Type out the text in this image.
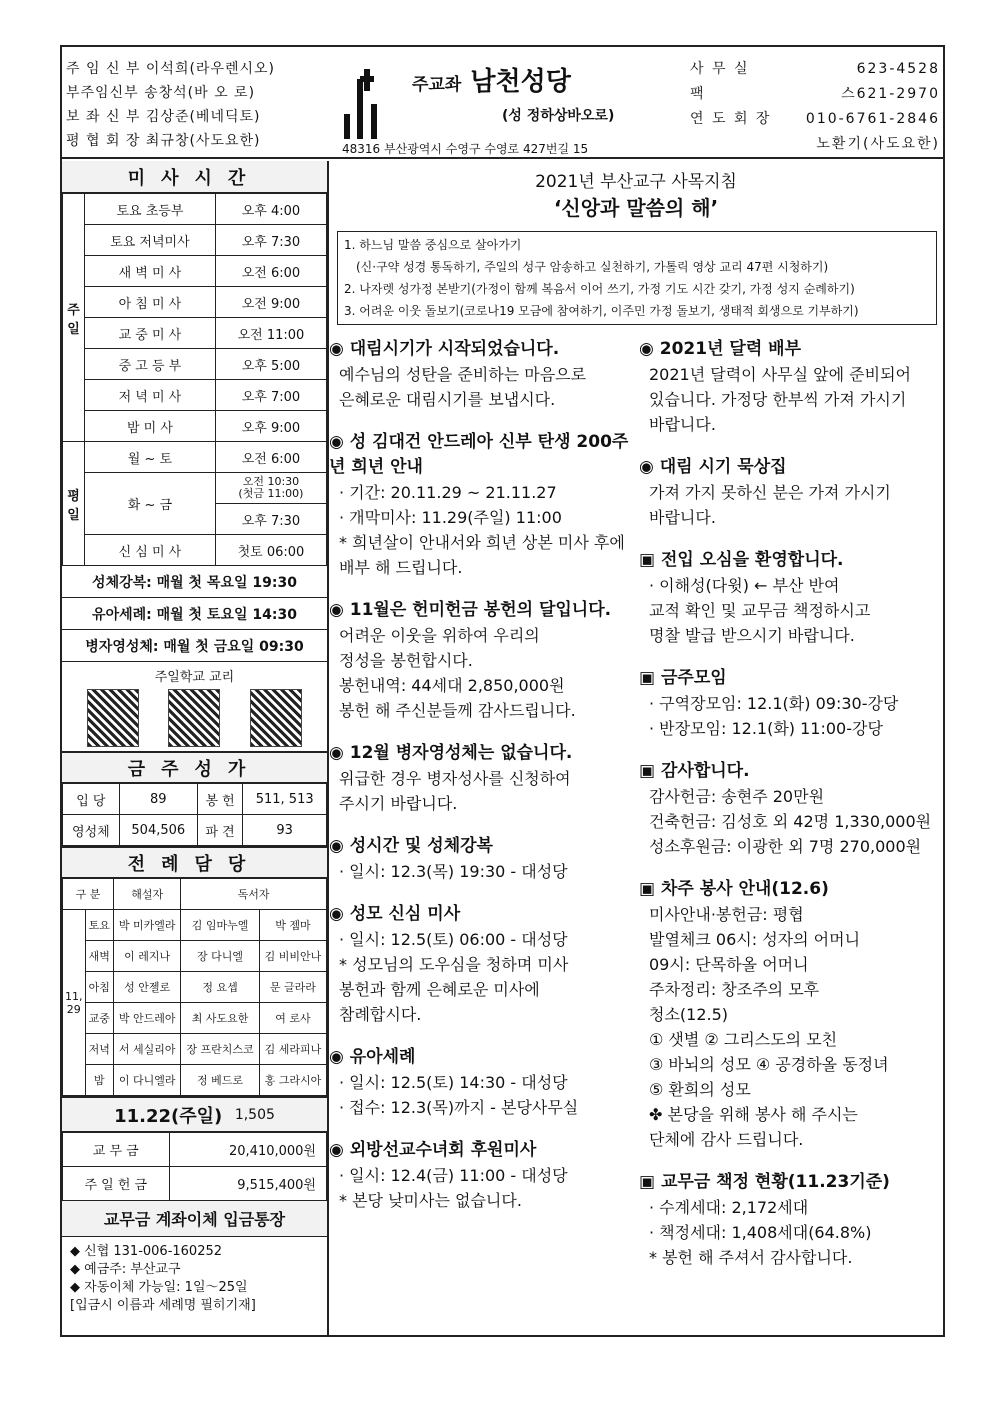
주 임 신 부 이석희(라우렌시오)
부주임신부 송창석(바 오 로)
보 좌 신 부 김상준(베네딕토)
평 협 회 장 최규창(사도요한)
주교좌 남천성당
(성 정하상바오로)
48316 부산광역시 수영구 수영로 427번길 15
사 무 실	623-4528
팩	스621-2970
연 도 회 장 010-6761-2846
노환기(사도요한)
미사시간
주일	토요 초등부	오후 4:00
	토요 저녁미사	오후 7:30
	새 벽 미 사	오전 6:00
	아 침 미 사	오전 9:00
	교 중 미 사	오전 11:00
	중 고 등 부	오후 5:00
	저 녁 미 사	오후 7:00
	밤 미 사	오후 9:00
평일	월 ~ 토	오전 6:00
	화 ~ 금	오전 10:30
(첫금 11:00)

		오후 7:30
	신 심 미 사	첫토 06:00
성체강복: 매월 첫 목요일 19:30
유아세례: 매월 첫 토요일 14:30
병자영성체: 매월 첫 금요일 09:30
주일학교 교리
금주성가
입 당	89	봉 헌	511, 513
영성체	504,506	파 견	93
전례담당
구 분		해설자	독서자	
11, 29	토요	박 미카엘라	김 임마누엘	박 젬마
	새벽	이 레지나	장 다니엘	김 비비안나
	아침	성 안젤로	정 요셉	문 글라라
	교중	박 안드레아	최 사도요한	여 로사
	저녁	서 세실리아	장 프란치스코	김 세라피나
	밤	이 다니엘라	정 베드로	홍 그라시아
11.22(주일)
1,505
교 무 금	20,410,000원
주 일 헌 금	9,515,400원
교무금 계좌이체 입금통장
◆ 신협 131-006-160252
◆ 예금주: 부산교구
◆ 자동이체 가능일: 1일～25일
[입금시 이름과 세례명 필히기재]
2021년 부산교구 사목지침
‘신앙과 말씀의 해’
1. 하느님 말씀 중심으로 살아가기
(신·구약 성경 통독하기, 주일의 성구 암송하고 실천하기, 가톨릭 영상 교리 47편 시청하기)
2. 나자렛 성가정 본받기(가정이 함께 복음서 이어 쓰기, 가정 기도 시간 갖기, 가정 성지 순례하기)
3. 어려운 이웃 돌보기(코로나19 모금에 참여하기, 이주민 가정 돌보기, 생태적 회생으로 기부하기)
◉ 대림시기가 시작되었습니다.
예수님의 성탄을 준비하는 마음으로
은혜로운 대림시기를 보냅시다.
◉ 성 김대건 안드레아 신부 탄생 200주년 희년 안내
· 기간: 20.11.29 ~ 21.11.27
· 개막미사: 11.29(주일) 11:00
* 희년살이 안내서와 희년 상본 미사 후에 배부 해 드립니다.
◉ 11월은 헌미헌금 봉헌의 달입니다.
어려운 이웃을 위하여 우리의
정성을 봉헌합시다.
봉헌내역: 44세대 2,850,000원
봉헌 해 주신분들께 감사드립니다.
◉ 12월 병자영성체는 없습니다.
위급한 경우 병자성사를 신청하여
주시기 바랍니다.
◉ 성시간 및 성체강복
· 일시: 12.3(목) 19:30 - 대성당
◉ 성모 신심 미사
· 일시: 12.5(토) 06:00 - 대성당
* 성모님의 도우심을 청하며 미사
봉헌과 함께 은혜로운 미사에
참례합시다.
◉ 유아세례
· 일시: 12.5(토) 14:30 - 대성당
· 접수: 12.3(목)까지 - 본당사무실
◉ 외방선교수녀회 후원미사
· 일시: 12.4(금) 11:00 - 대성당
* 본당 낮미사는 없습니다.
◉ 2021년 달력 배부
2021년 달력이 사무실 앞에 준비되어
있습니다. 가정당 한부씩 가져 가시기
바랍니다.
◉ 대림 시기 묵상집
가져 가지 못하신 분은 가져 가시기
바랍니다.
▣ 전입 오심을 환영합니다.
· 이해성(다윗) ← 부산 반여
교적 확인 및 교무금 책정하시고
명찰 발급 받으시기 바랍니다.
▣ 금주모임
· 구역장모임: 12.1(화) 09:30-강당
· 반장모임: 12.1(화) 11:00-강당
▣ 감사합니다.
감사헌금: 송현주 20만원
건축헌금: 김성호 외 42명 1,330,000원
성소후원금: 이광한 외 7명 270,000원
▣ 차주 봉사 안내(12.6)
미사안내·봉헌금: 평협
발열체크 06시: 성자의 어머니
09시: 단목하올 어머니
주차정리: 창조주의 모후
청소(12.5)
① 샛별 ② 그리스도의 모친
③ 바뇌의 성모 ④ 공경하올 동정녀
⑤ 환희의 성모
✤ 본당을 위해 봉사 해 주시는
단체에 감사 드립니다.
▣ 교무금 책정 현황(11.23기준)
· 수계세대: 2,172세대
· 책정세대: 1,408세대(64.8%)
* 봉헌 해 주셔서 감사합니다.
